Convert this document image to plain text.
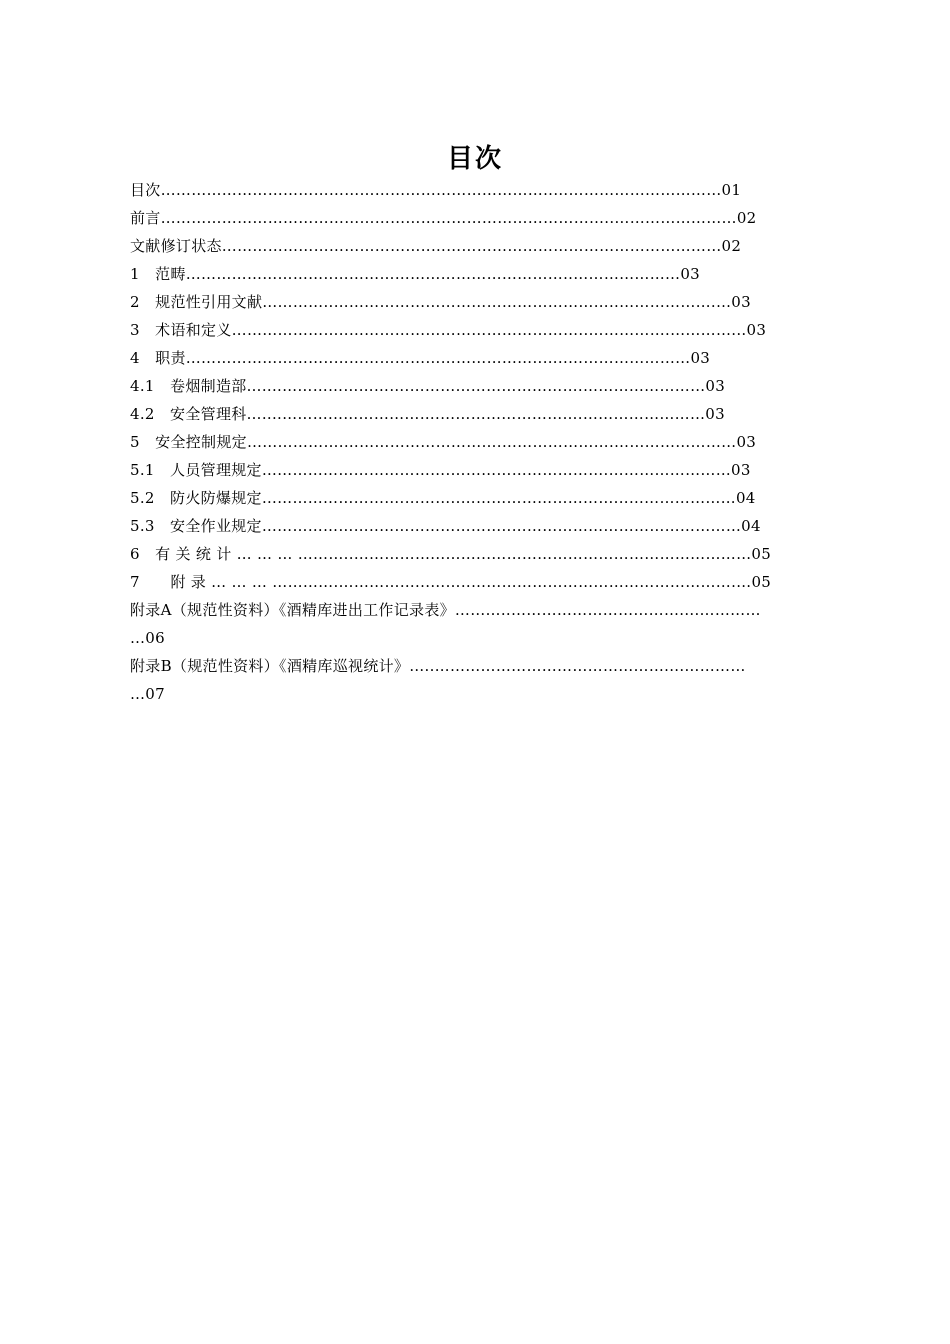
目次
目次…………………………………………………………………..……………………………01
前言……………………………………………………………………………..……………………02
文献修订状态…………………………………..…………………………………………………02
1　范畴………………………..………………………………………..…………………03
2　规范性引用文献…………..………………………………………………..……………….…03
3　术语和定义…………………..………………………………………..…………….…………...03
4　职责………………………..…………………………………..…..……………………03
4.1　卷烟制造部…....…………………….…………………………….……………………03
4.2　安全管理科…....………...……………….……………………….……………………03
5　安全控制规定……………….………………………….………………….……………………03
5.1　人员管理规定……………………………….………………………….……………………03
5.2　防火防爆规定……………………….………..…………………………...…………………04
5.3　安全作业规定…………………..……………………..………………………………………04
6　有 关 统 计 … … … ………..……………...……...……………………………………………05
7　　附 录 … … … ………….……………...……..…………………………………………….…05
附录A（规范性资料）《酒精库进出工作记录表》………..……………………………....…………
…06
附录B（规范性资料）《酒精库巡视统计》…..………………………………………....…………
…07
